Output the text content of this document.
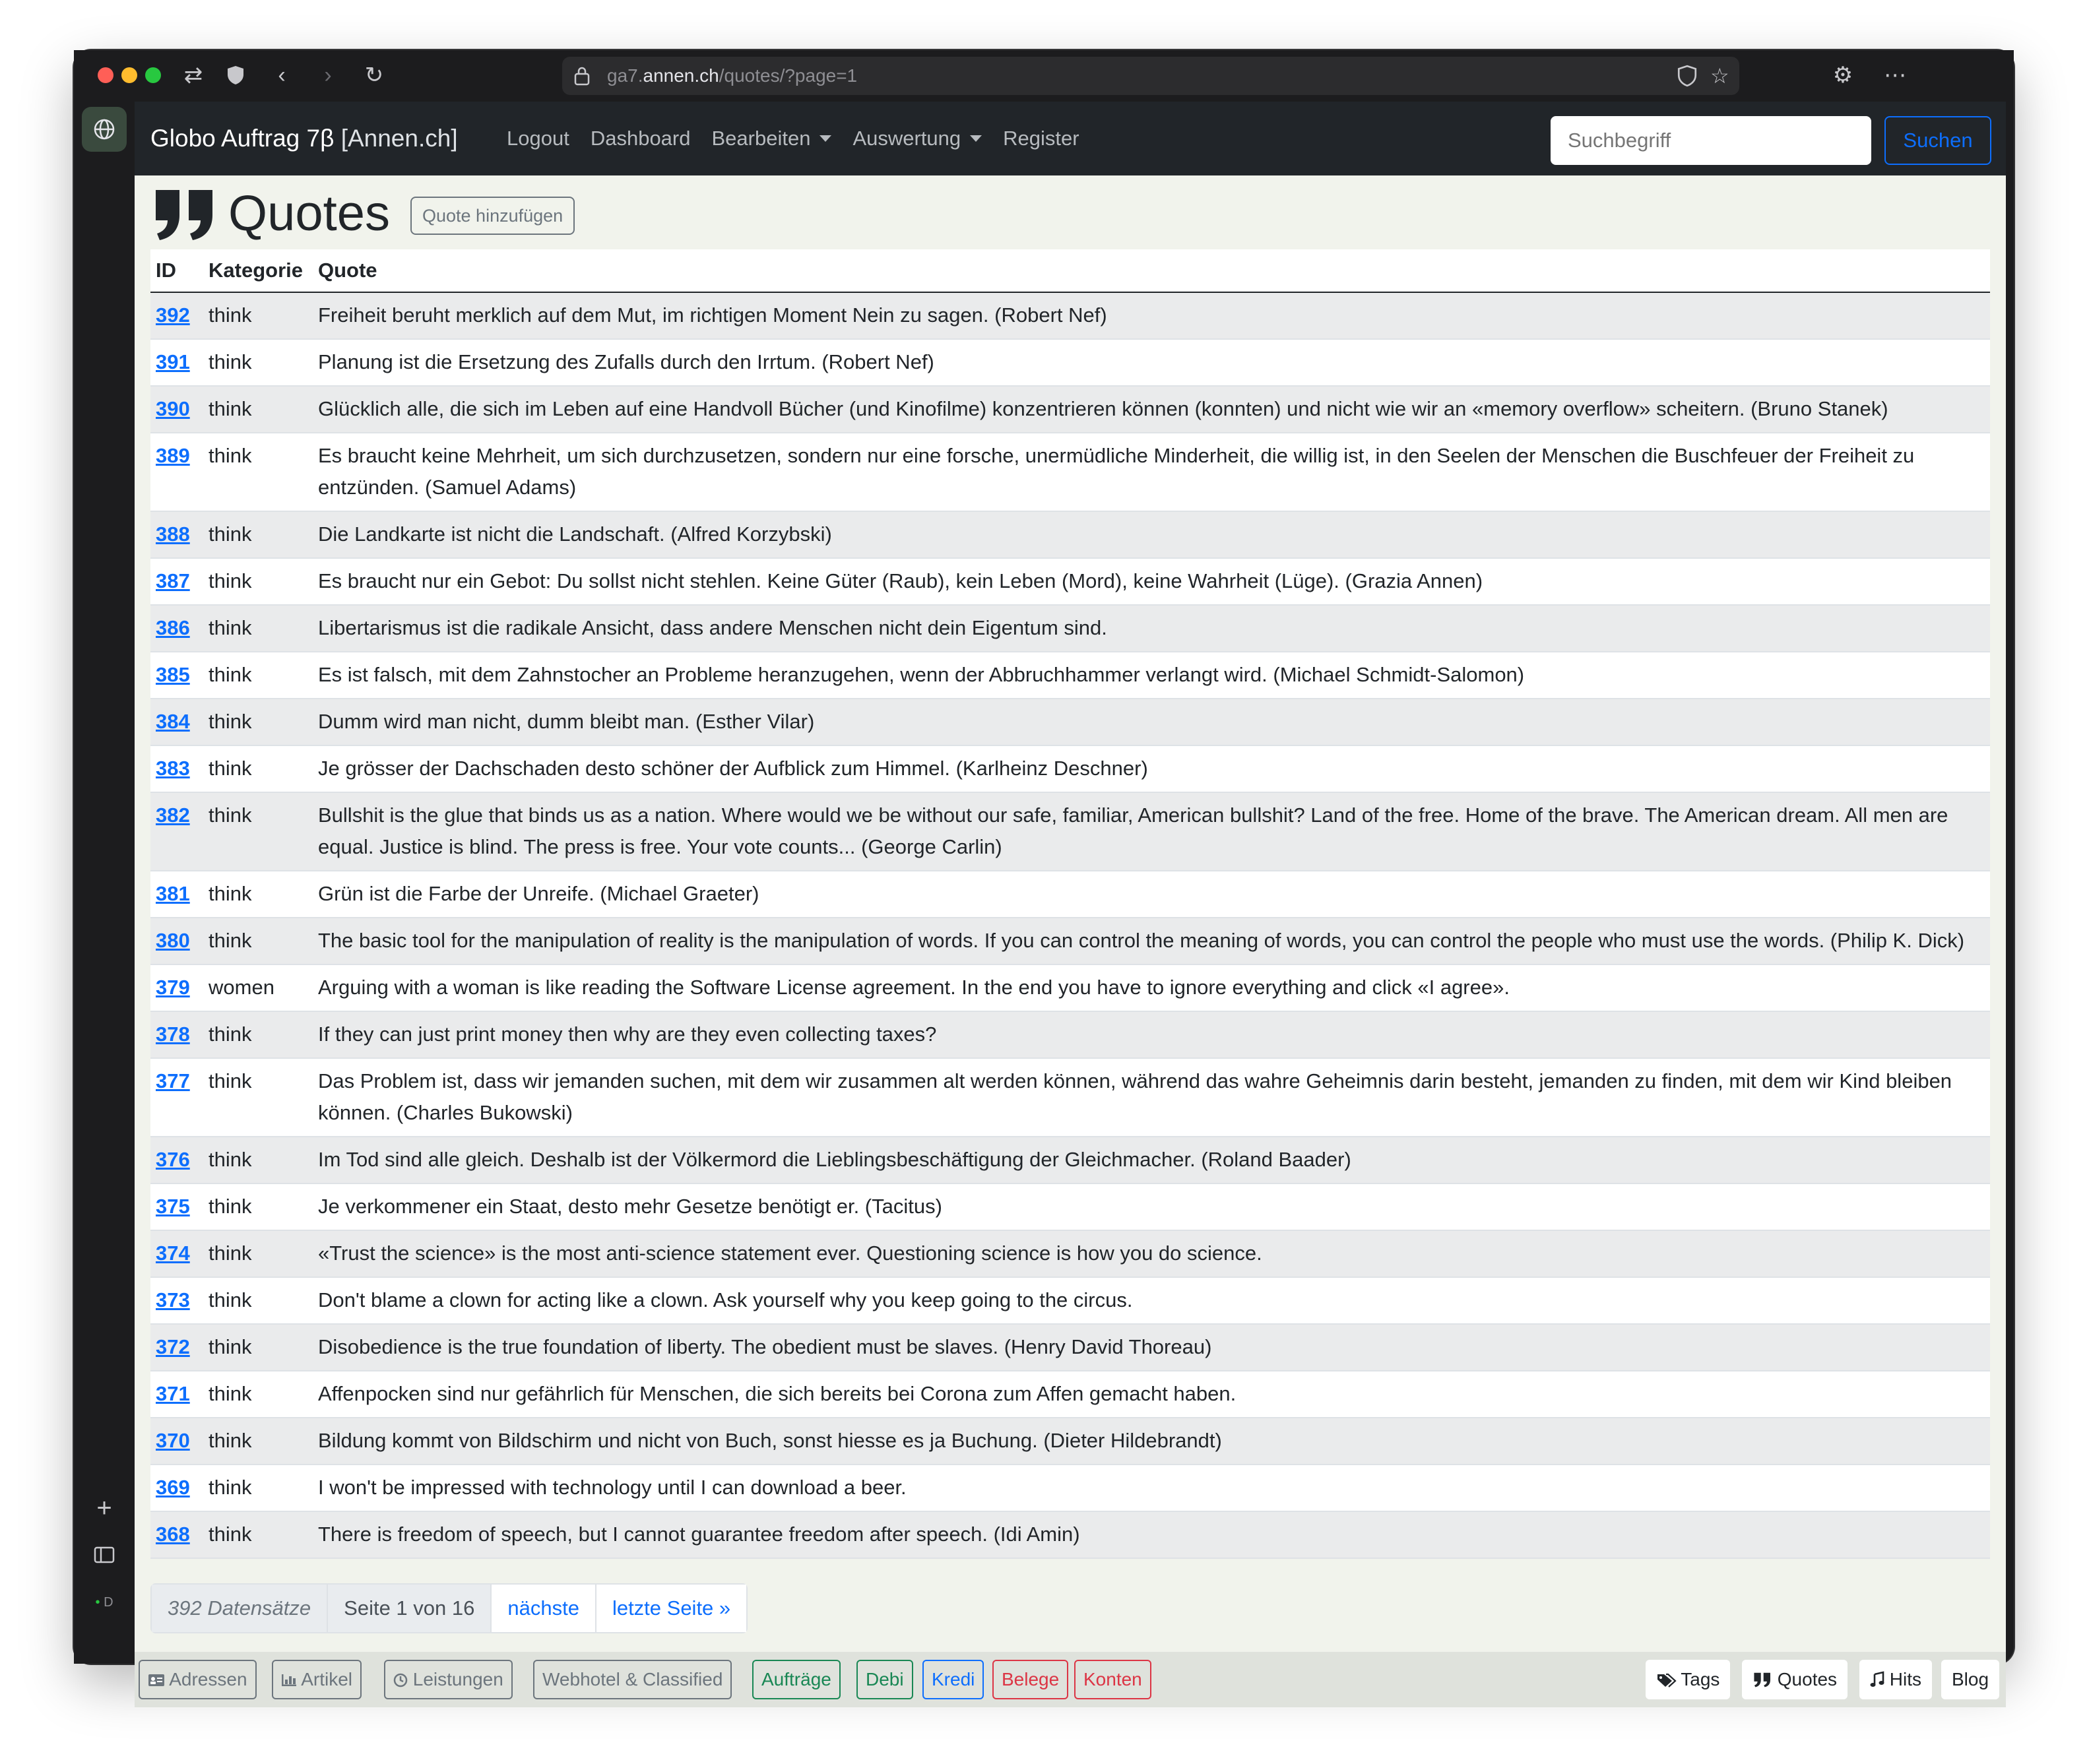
⇄	‹	›	↻	ga7.annen.ch/quotes/?page=1	☆	⚙	⋯
+
• D
Globo Auftrag 7β [Annen.ch] Logout Dashboard Bearbeiten	Auswertung	Register
Suchbegriff	Suchen
Quotes	Quote hinzufügen
ID	Kategorie	Quote
392	think	Freiheit beruht merklich auf dem Mut, im richtigen Moment Nein zu sagen. (Robert Nef)
391	think	Planung ist die Ersetzung des Zufalls durch den Irrtum. (Robert Nef)
390	think	Glücklich alle, die sich im Leben auf eine Handvoll Bücher (und Kinofilme) konzentrieren können (konnten) und nicht wie wir an «memory overflow» scheitern. (Bruno Stanek)
389	think	Es braucht keine Mehrheit, um sich durchzusetzen, sondern nur eine forsche, unermüdliche Minderheit, die willig ist, in den Seelen der Menschen die Buschfeuer der Freiheit zu entzünden. (Samuel Adams)
388	think	Die Landkarte ist nicht die Landschaft. (Alfred Korzybski)
387	think	Es braucht nur ein Gebot: Du sollst nicht stehlen. Keine Güter (Raub), kein Leben (Mord), keine Wahrheit (Lüge). (Grazia Annen)
386	think	Libertarismus ist die radikale Ansicht, dass andere Menschen nicht dein Eigentum sind.
385	think	Es ist falsch, mit dem Zahnstocher an Probleme heranzugehen, wenn der Abbruchhammer verlangt wird. (Michael Schmidt-Salomon)
384	think	Dumm wird man nicht, dumm bleibt man. (Esther Vilar)
383	think	Je grösser der Dachschaden desto schöner der Aufblick zum Himmel. (Karlheinz Deschner)
382	think	Bullshit is the glue that binds us as a nation. Where would we be without our safe, familiar, American bullshit? Land of the free. Home of the brave. The American dream. All men are equal. Justice is blind. The press is free. Your vote counts... (George Carlin)
381	think	Grün ist die Farbe der Unreife. (Michael Graeter)
380	think	The basic tool for the manipulation of reality is the manipulation of words. If you can control the meaning of words, you can control the people who must use the words. (Philip K. Dick)
379	women	Arguing with a woman is like reading the Software License agreement. In the end you have to ignore everything and click «I agree».
378	think	If they can just print money then why are they even collecting taxes?
377	think	Das Problem ist, dass wir jemanden suchen, mit dem wir zusammen alt werden können, während das wahre Geheimnis darin besteht, jemanden zu finden, mit dem wir Kind bleiben können. (Charles Bukowski)
376	think	Im Tod sind alle gleich. Deshalb ist der Völkermord die Lieblingsbeschäftigung der Gleichmacher. (Roland Baader)
375	think	Je verkommener ein Staat, desto mehr Gesetze benötigt er. (Tacitus)
374	think	«Trust the science» is the most anti-science statement ever. Questioning science is how you do science.
373	think	Don't blame a clown for acting like a clown. Ask yourself why you keep going to the circus.
372	think	Disobedience is the true foundation of liberty. The obedient must be slaves. (Henry David Thoreau)
371	think	Affenpocken sind nur gefährlich für Menschen, die sich bereits bei Corona zum Affen gemacht haben.
370	think	Bildung kommt von Bildschirm und nicht von Buch, sonst hiesse es ja Buchung. (Dieter Hildebrandt)
369	think	I won't be impressed with technology until I can download a beer.
368	think	There is freedom of speech, but I cannot guarantee freedom after speech. (Idi Amin)
392 Datensätze	Seite 1 von 16	nächste	letzte Seite »
Adressen	Artikel	Leistungen	Webhotel & Classified	Aufträge	Debi	Kredi	Belege	Konten	Tags	Quotes	Hits	Blog
